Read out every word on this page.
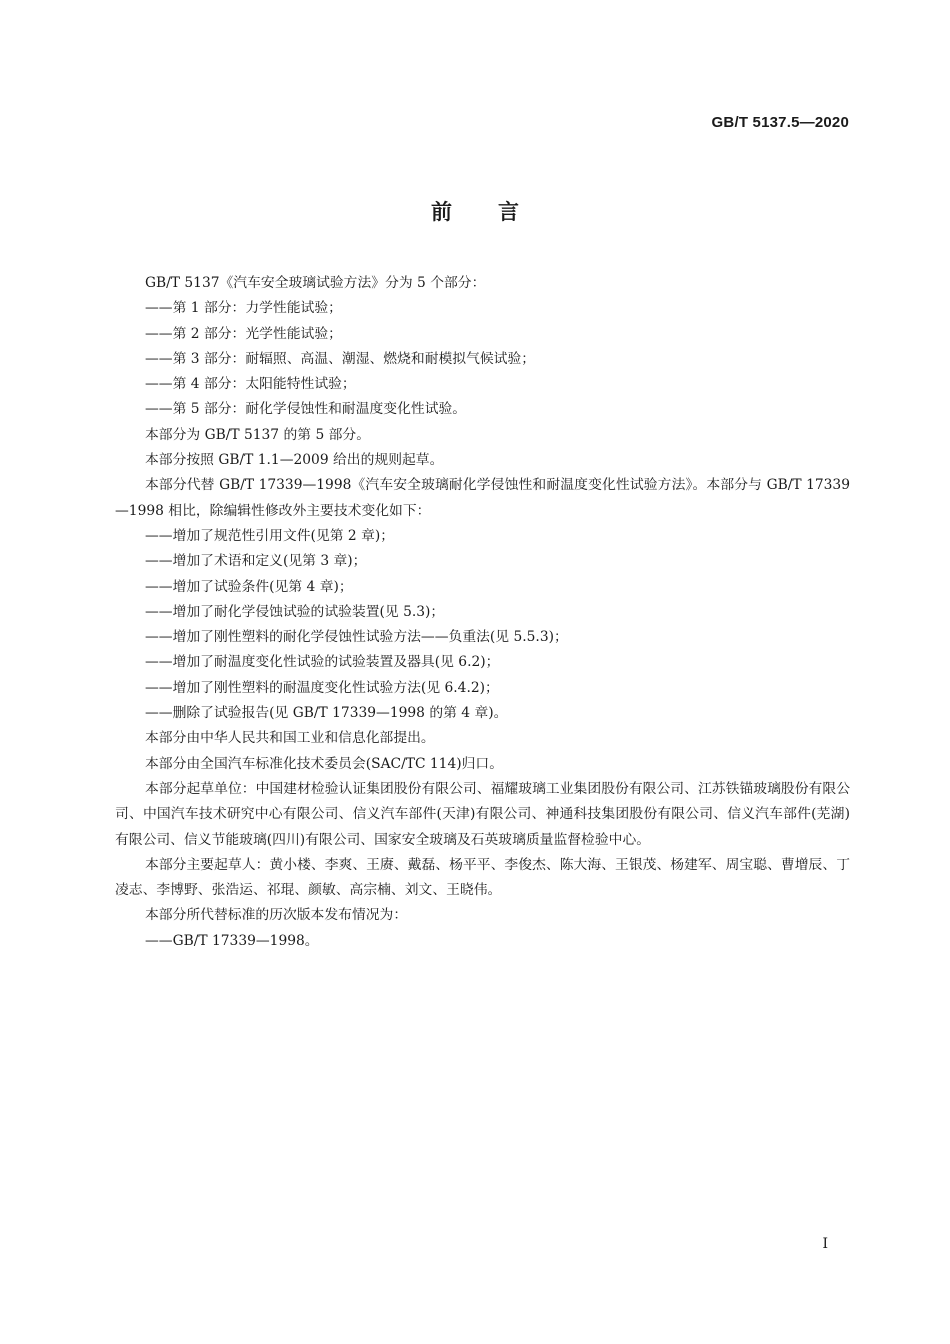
GB/T 5137.5—2020
前言

GB/T 5137《汽车安全玻璃试验方法》分为 5 个部分：

——第 1 部分：力学性能试验；

——第 2 部分：光学性能试验；

——第 3 部分：耐辐照、高温、潮湿、燃烧和耐模拟气候试验；

——第 4 部分：太阳能特性试验；

——第 5 部分：耐化学侵蚀性和耐温度变化性试验。

本部分为 GB/T 5137 的第 5 部分。

本部分按照 GB/T 1.1—2009 给出的规则起草。

本部分代替 GB/T 17339—1998《汽车安全玻璃耐化学侵蚀性和耐温度变化性试验方法》。本部分与 GB/T 17339—1998 相比，除编辑性修改外主要技术变化如下：

——增加了规范性引用文件(见第 2 章)；

——增加了术语和定义(见第 3 章)；

——增加了试验条件(见第 4 章)；

——增加了耐化学侵蚀试验的试验装置(见 5.3)；

——增加了刚性塑料的耐化学侵蚀性试验方法——负重法(见 5.5.3)；

——增加了耐温度变化性试验的试验装置及器具(见 6.2)；

——增加了刚性塑料的耐温度变化性试验方法(见 6.4.2)；

——删除了试验报告(见 GB/T 17339—1998 的第 4 章)。

本部分由中华人民共和国工业和信息化部提出。

本部分由全国汽车标准化技术委员会(SAC/TC 114)归口。

本部分起草单位：中国建材检验认证集团股份有限公司、福耀玻璃工业集团股份有限公司、江苏铁锚玻璃股份有限公司、中国汽车技术研究中心有限公司、信义汽车部件(天津)有限公司、神通科技集团股份有限公司、信义汽车部件(芜湖)有限公司、信义节能玻璃(四川)有限公司、国家安全玻璃及石英玻璃质量监督检验中心。

本部分主要起草人：黄小楼、李爽、王赓、戴磊、杨平平、李俊杰、陈大海、王银茂、杨建军、周宝聪、曹增辰、丁凌志、李博野、张浩运、祁琨、颜敏、高宗楠、刘文、王晓伟。

本部分所代替标准的历次版本发布情况为：

——GB/T 17339—1998。

I
